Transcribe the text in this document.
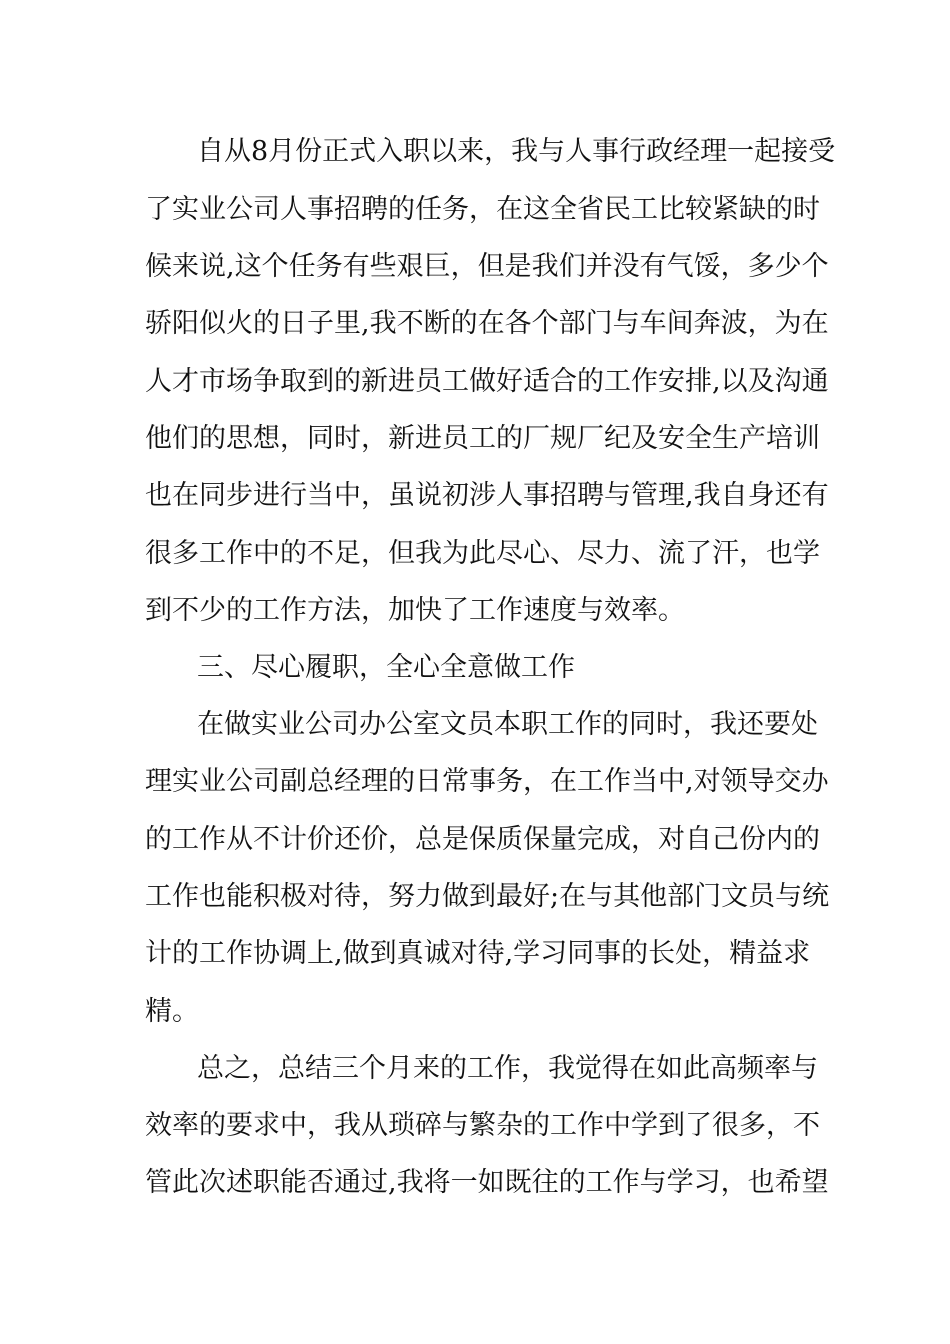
自从8月份正式入职以来，我与人事行政经理一起接受
了实业公司人事招聘的任务，在这全省民工比较紧缺的时
候来说,这个任务有些艰巨，但是我们并没有气馁，多少个
骄阳似火的日子里,我不断的在各个部门与车间奔波，为在
人才市场争取到的新进员工做好适合的工作安排,以及沟通
他们的思想，同时，新进员工的厂规厂纪及安全生产培训
也在同步进行当中，虽说初涉人事招聘与管理,我自身还有
很多工作中的不足，但我为此尽心、尽力、流了汗，也学
到不少的工作方法，加快了工作速度与效率。
三、尽心履职，全心全意做工作
在做实业公司办公室文员本职工作的同时，我还要处
理实业公司副总经理的日常事务，在工作当中,对领导交办
的工作从不计价还价，总是保质保量完成，对自己份内的
工作也能积极对待，努力做到最好;在与其他部门文员与统
计的工作协调上,做到真诚对待,学习同事的长处，精益求
精。
总之，总结三个月来的工作，我觉得在如此高频率与
效率的要求中，我从琐碎与繁杂的工作中学到了很多，不
管此次述职能否通过,我将一如既往的工作与学习，也希望
